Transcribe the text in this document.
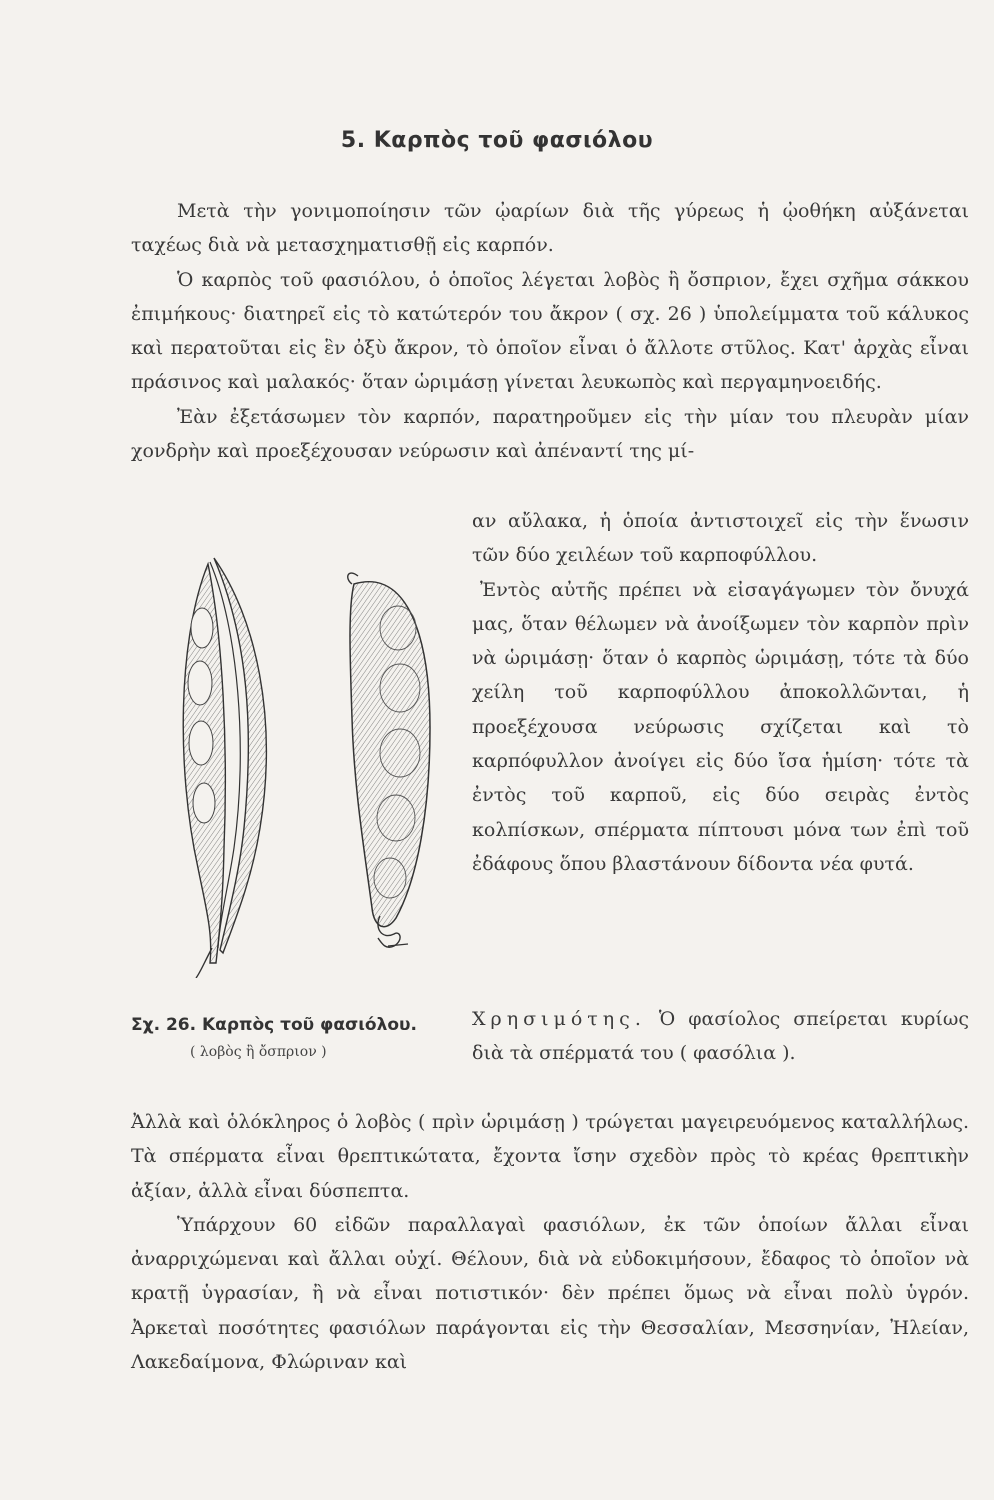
5. Καρπὸς τοῦ φασιόλου

Μετὰ τὴν γονιμοποίησιν τῶν ᾠαρίων διὰ τῆς γύρεως ἡ ᾠοθήκη αὐξάνεται ταχέως διὰ νὰ μετασχηματισθῇ εἰς καρπόν.

Ὁ καρπὸς τοῦ φασιόλου, ὁ ὁποῖος λέγεται λοβὸς ἢ ὄσπριον, ἔχει σχῆμα σάκκου ἐπιμήκους· διατηρεῖ εἰς τὸ κατώτερόν του ἄκρον ( σχ. 26 ) ὑπολείμματα τοῦ κάλυκος καὶ περατοῦται εἰς ἓν ὀξὺ ἄκρον, τὸ ὁποῖον εἶναι ὁ ἄλλοτε στῦλος. Κατ' ἀρχὰς εἶναι πράσινος καὶ μαλακός· ὅταν ὡριμάσῃ γίνεται λευκωπὸς καὶ περγαμηνοειδής.

Ἐὰν ἐξετάσωμεν τὸν καρπόν, παρατηροῦμεν εἰς τὴν μίαν του πλευρὰν μίαν χονδρὴν καὶ προεξέχουσαν νεύρωσιν καὶ ἀπέναντί της μί-

αν αὔλακα, ἡ ὁποία ἀντιστοιχεῖ εἰς τὴν ἕνωσιν τῶν δύο χειλέων τοῦ καρποφύλλου.

Ἐντὸς αὐτῆς πρέπει νὰ εἰσαγάγωμεν τὸν ὄνυχά μας, ὅταν θέλωμεν νὰ ἀνοίξωμεν τὸν καρπὸν πρὶν νὰ ὡριμάσῃ· ὅταν ὁ καρπὸς ὡριμάσῃ, τότε τὰ δύο χείλη τοῦ καρποφύλλου ἀποκολλῶνται, ἡ προεξέχουσα νεύρωσις σχίζεται καὶ τὸ καρπόφυλλον ἀνοίγει εἰς δύο ἴσα ἡμίση· τότε τὰ ἐντὸς τοῦ καρποῦ, εἰς δύο σειρὰς ἐντὸς κολπίσκων, σπέρματα πίπτουσι μόνα των ἐπὶ τοῦ ἐδάφους ὅπου βλαστάνουν δίδοντα νέα φυτά.

Σχ. 26. Καρπὸς τοῦ φασιόλου.
( λοβὸς ἢ ὄσπριον )
Χρησιμότης. Ὁ φασίολος σπείρεται κυρίως διὰ τὰ σπέρματά του ( φασόλια ).

Ἀλλὰ καὶ ὁλόκληρος ὁ λοβὸς ( πρὶν ὡριμάσῃ ) τρώγεται μαγειρευόμενος καταλλήλως. Τὰ σπέρματα εἶναι θρεπτικώτατα, ἔχοντα ἴσην σχεδὸν πρὸς τὸ κρέας θρεπτικὴν ἀξίαν, ἀλλὰ εἶναι δύσπεπτα.

Ὑπάρχουν 60 εἰδῶν παραλλαγαὶ φασιόλων, ἐκ τῶν ὁποίων ἄλλαι εἶναι ἀναρριχώμεναι καὶ ἄλλαι οὐχί. Θέλουν, διὰ νὰ εὐδοκιμήσουν, ἔδαφος τὸ ὁποῖον νὰ κρατῇ ὑγρασίαν, ἢ νὰ εἶναι ποτιστικόν· δὲν πρέπει ὅμως νὰ εἶναι πολὺ ὑγρόν. Ἀρκεταὶ ποσότητες φασιόλων παράγονται εἰς τὴν Θεσσαλίαν, Μεσσηνίαν, Ἠλείαν, Λακεδαίμονα, Φλώριναν καὶ
